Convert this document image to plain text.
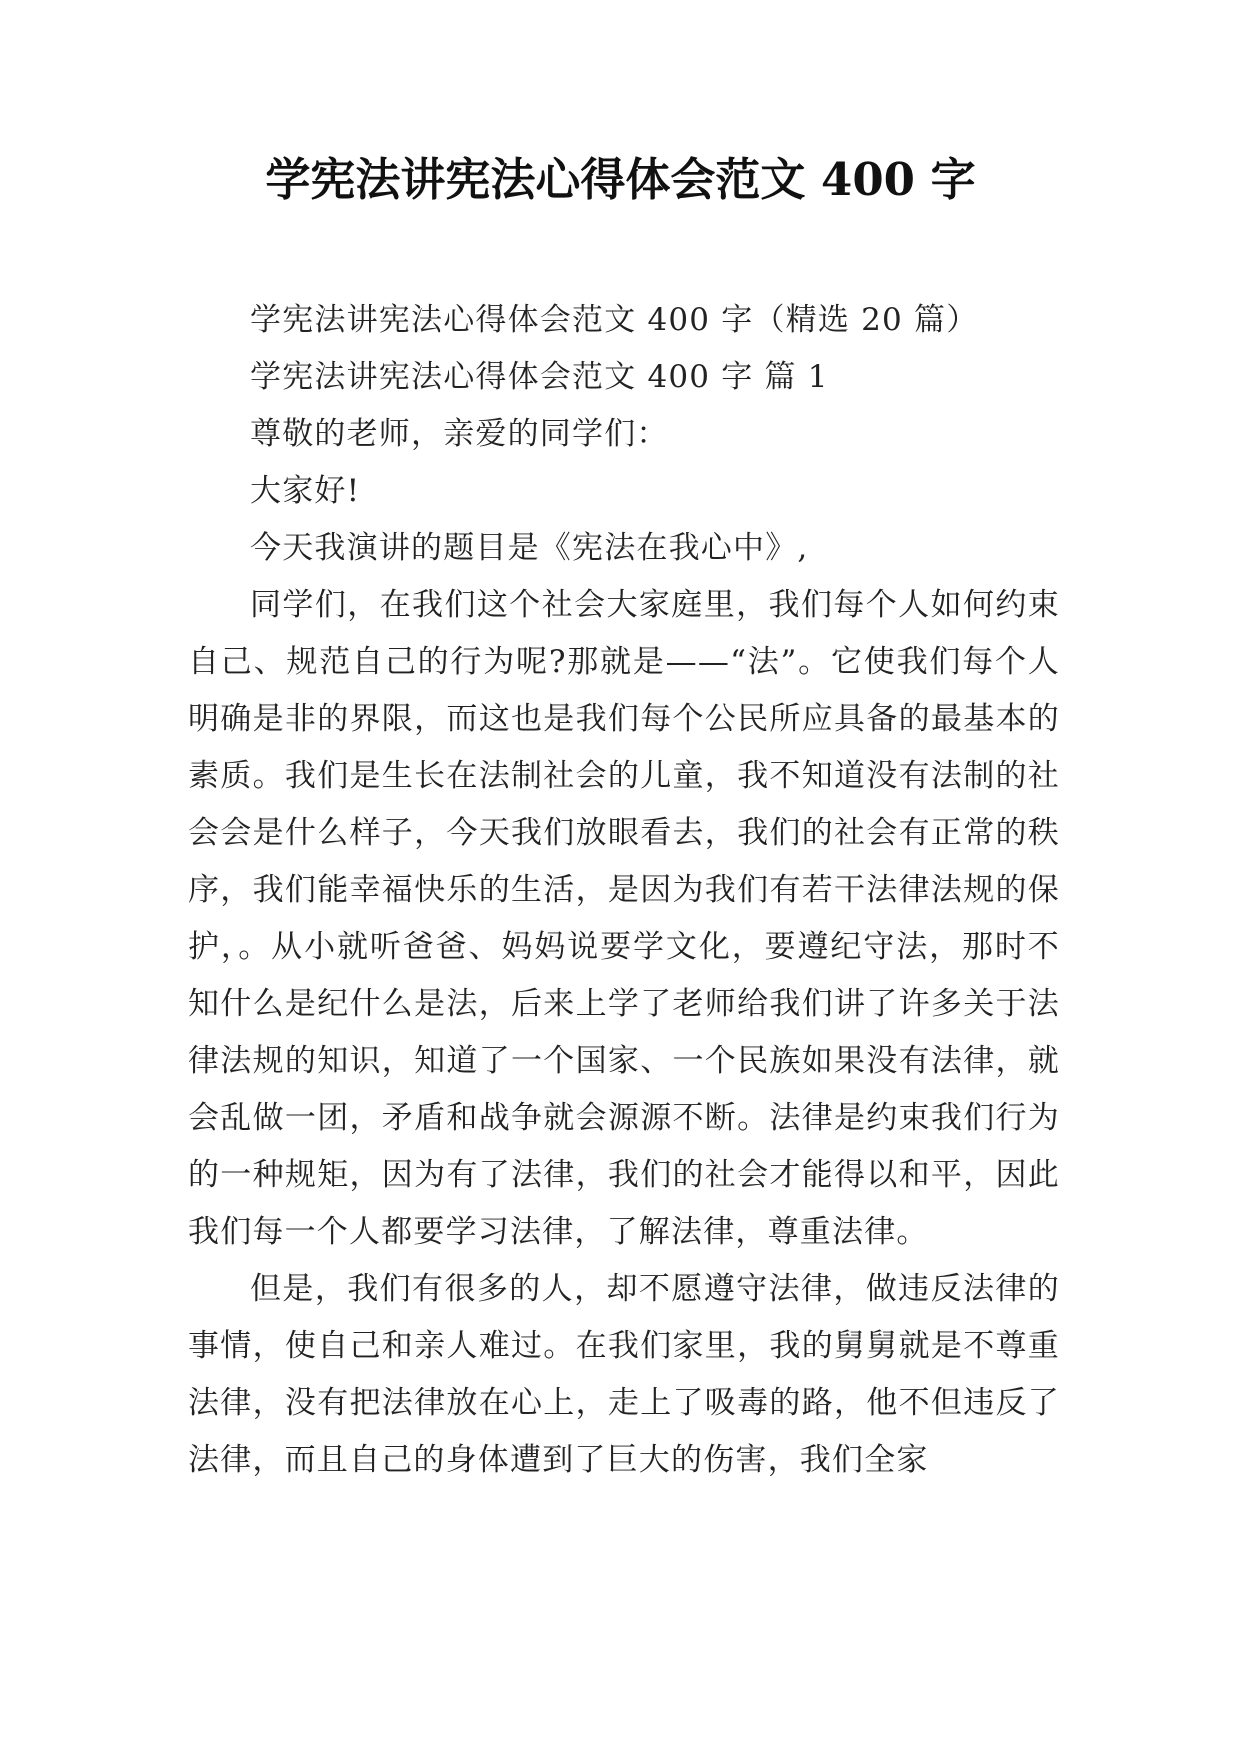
学宪法讲宪法心得体会范文 400 字

学宪法讲宪法心得体会范文 400 字（精选 20 篇）

学宪法讲宪法心得体会范文 400 字 篇 1

尊敬的老师，亲爱的同学们：

大家好!

今天我演讲的题目是《宪法在我心中》,

同学们，在我们这个社会大家庭里，我们每个人如何约束自己、规范自己的行为呢?那就是——“法”。它使我们每个人明确是非的界限，而这也是我们每个公民所应具备的最基本的素质。我们是生长在法制社会的儿童，我不知道没有法制的社会会是什么样子，今天我们放眼看去，我们的社会有正常的秩序，我们能幸福快乐的生活，是因为我们有若干法律法规的保护，。从小就听爸爸、妈妈说要学文化，要遵纪守法，那时不知什么是纪什么是法，后来上学了老师给我们讲了许多关于法律法规的知识，知道了一个国家、一个民族如果没有法律，就会乱做一团，矛盾和战争就会源源不断。法律是约束我们行为的一种规矩，因为有了法律，我们的社会才能得以和平，因此我们每一个人都要学习法律，了解法律，尊重法律。

但是，我们有很多的人，却不愿遵守法律，做违反法律的事情，使自己和亲人难过。在我们家里，我的舅舅就是不尊重法律，没有把法律放在心上，走上了吸毒的路，他不但违反了法律，而且自己的身体遭到了巨大的伤害，我们全家
